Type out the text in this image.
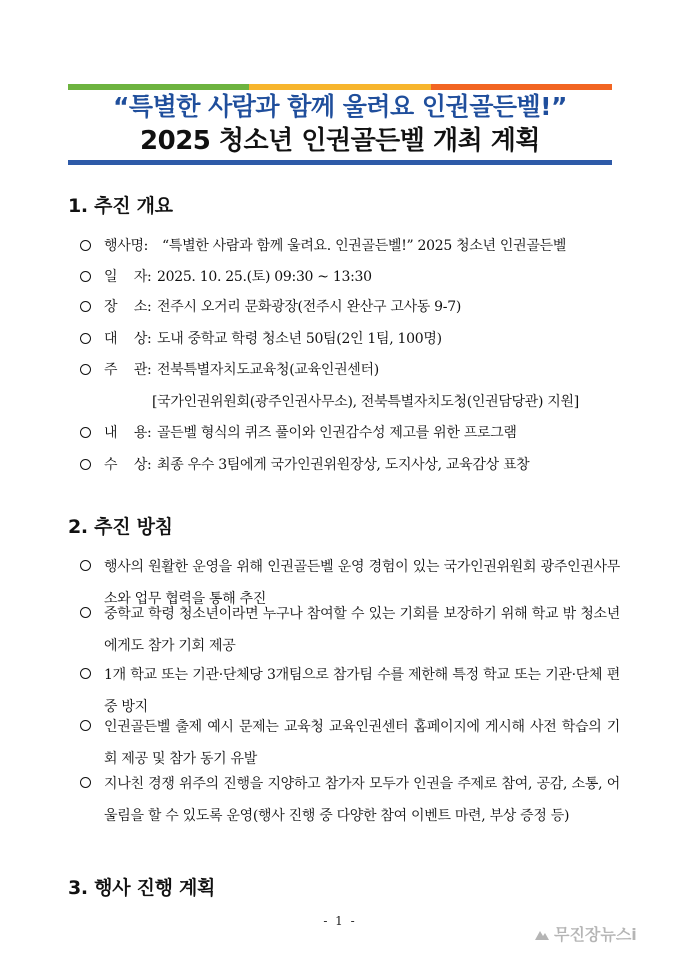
“특별한 사람과 함께 울려요 인권골든벨!”
2025 청소년 인권골든벨 개최 계획
1. 추진 개요
행사명: “특별한 사람과 함께 울려요. 인권골든벨!” 2025 청소년 인권골든벨
일    자: 2025. 10. 25.(토) 09:30 ~ 13:30
장    소: 전주시 오거리 문화광장(전주시 완산구 고사동 9-7)
대    상: 도내 중학교 학령 청소년 50팀(2인 1팀, 100명)
주    관: 전북특별자치도교육청(교육인권센터)
[국가인권위원회(광주인권사무소), 전북특별자치도청(인권담당관) 지원]
내    용: 골든벨 형식의 퀴즈 풀이와 인권감수성 제고를 위한 프로그램
수    상: 최종 우수 3팀에게 국가인권위원장상, 도지사상, 교육감상 표창
2. 추진 방침
행사의 원활한 운영을 위해 인권골든벨 운영 경험이 있는 국가인권위원회 광주인권사무소와 업무 협력을 통해 추진
중학교 학령 청소년이라면 누구나 참여할 수 있는 기회를 보장하기 위해 학교 밖 청소년에게도 참가 기회 제공
1개 학교 또는 기관·단체당 3개팀으로 참가팀 수를 제한해 특정 학교 또는 기관·단체 편중 방지
인권골든벨 출제 예시 문제는 교육청 교육인권센터 홈페이지에 게시해 사전 학습의 기회 제공 및 참가 동기 유발
지나친 경쟁 위주의 진행을 지양하고 참가자 모두가 인권을 주제로 참여, 공감, 소통, 어울림을 할 수 있도록 운영(행사 진행 중 다양한 참여 이벤트 마련, 부상 증정 등)
3. 행사 진행 계획
- 1 -
무진장뉴스i
